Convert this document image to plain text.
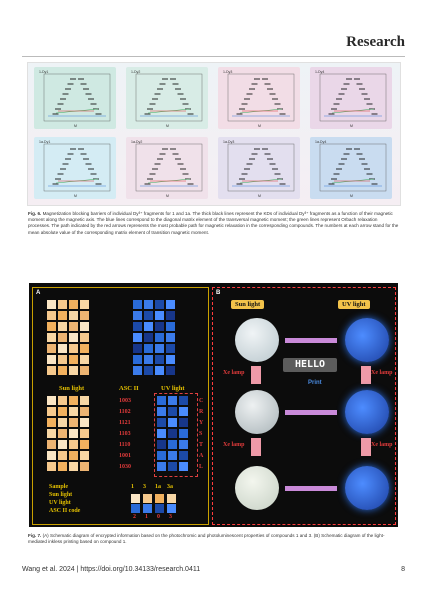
Research
1-Dy1
M
1-Dy2
M
1-Dy3
M
1-Dy4
M
1a-Dy1
M
1a-Dy2
M
1a-Dy3
M
1a-Dy4
M
Fig. 6. Magnetization blocking barriers of individual Dy³⁺ fragments for 1 and 1a. The thick black lines represent the KDs of individual Dy³⁺ fragments as a function of their magnetic moment along the magnetic axis. The blue lines correspond to the diagonal matrix element of the transversal magnetic moment; the green lines represent Orbach relaxation processes. The path indicated by the red arrows represents the most probable path for magnetic relaxation in the corresponding compounds. The numbers at each arrow stand for the mean absolute value of the corresponding matrix element of transition magnetic moment.
A
Sun light	ASC II	UV light
1003
1102
1121
1103
1110
1001
1030
C
R
Y
S
T
A
L
Sample
Sun light
UV light
ASC II code
1 3 1a 3a
2 1 0 3
B
Sun light	UV light
Xe lamp	Xe lamp
HELLO
Print
Xe lamp	Xe lamp
Fig. 7. (A) Schematic diagram of encrypted information based on the photochromic and photoluminescent properties of compounds 1 and 3. (B) Schematic diagram of the light-mediated inkless printing based on compound 1.
Wang et al. 2024 | https://doi.org/10.34133/research.0411	8
